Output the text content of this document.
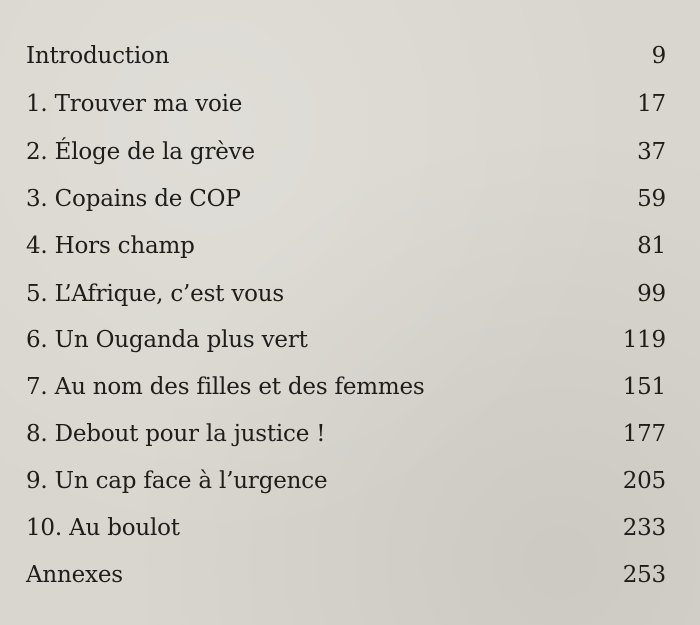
Introduction	9
1. Trouver ma voie	17
2. Éloge de la grève	37
3. Copains de COP	59
4. Hors champ	81
5. L’Afrique, c’est vous	99
6. Un Ouganda plus vert	119
7. Au nom des filles et des femmes	151
8. Debout pour la justice !	177
9. Un cap face à l’urgence	205
10. Au boulot	233
Annexes	253
